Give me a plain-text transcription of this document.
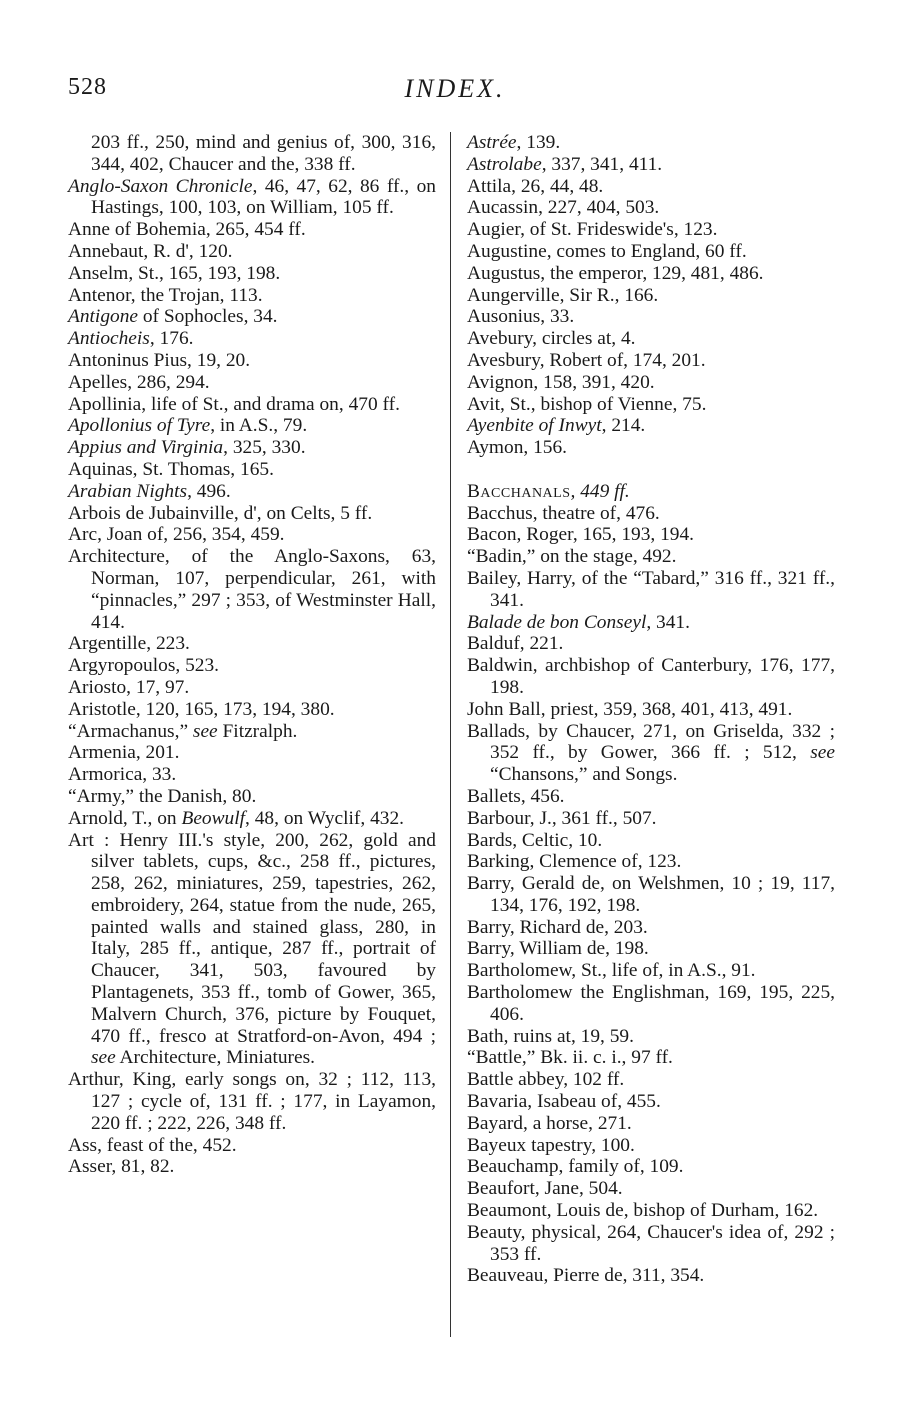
528	INDEX.
203 ff., 250, mind and genius of, 300, 316, 344, 402, Chaucer and the, 338 ff.
Anglo-Saxon Chronicle, 46, 47, 62, 86 ff., on Hastings, 100, 103, on William, 105 ff.
Anne of Bohemia, 265, 454 ff.
Annebaut, R. d', 120.
Anselm, St., 165, 193, 198.
Antenor, the Trojan, 113.
Antigone of Sophocles, 34.
Antiocheis, 176.
Antoninus Pius, 19, 20.
Apelles, 286, 294.
Apollinia, life of St., and drama on, 470 ff.
Apollonius of Tyre, in A.S., 79.
Appius and Virginia, 325, 330.
Aquinas, St. Thomas, 165.
Arabian Nights, 496.
Arbois de Jubainville, d', on Celts, 5 ff.
Arc, Joan of, 256, 354, 459.
Architecture, of the Anglo-Saxons, 63, Norman, 107, perpendicular, 261, with “pinnacles,” 297 ; 353, of Westminster Hall, 414.
Argentille, 223.
Argyropoulos, 523.
Ariosto, 17, 97.
Aristotle, 120, 165, 173, 194, 380.
“Armachanus,” see Fitzralph.
Armenia, 201.
Armorica, 33.
“Army,” the Danish, 80.
Arnold, T., on Beowulf, 48, on Wyclif, 432.
Art : Henry III.'s style, 200, 262, gold and silver tablets, cups, &c., 258 ff., pictures, 258, 262, miniatures, 259, tapestries, 262, embroidery, 264, statue from the nude, 265, painted walls and stained glass, 280, in Italy, 285 ff., antique, 287 ff., portrait of Chaucer, 341, 503, favoured by Plantagenets, 353 ff., tomb of Gower, 365, Malvern Church, 376, picture by Fouquet, 470 ff., fresco at Stratford-on-Avon, 494 ; see Architecture, Miniatures.
Arthur, King, early songs on, 32 ; 112, 113, 127 ; cycle of, 131 ff. ; 177, in Layamon, 220 ff. ; 222, 226, 348 ff.
Ass, feast of the, 452.
Asser, 81, 82.
Astrée, 139.
Astrolabe, 337, 341, 411.
Attila, 26, 44, 48.
Aucassin, 227, 404, 503.
Augier, of St. Frideswide's, 123.
Augustine, comes to England, 60 ff.
Augustus, the emperor, 129, 481, 486.
Aungerville, Sir R., 166.
Ausonius, 33.
Avebury, circles at, 4.
Avesbury, Robert of, 174, 201.
Avignon, 158, 391, 420.
Avit, St., bishop of Vienne, 75.
Ayenbite of Inwyt, 214.
Aymon, 156.
Bacchanals, 449 ff.
Bacchus, theatre of, 476.
Bacon, Roger, 165, 193, 194.
“Badin,” on the stage, 492.
Bailey, Harry, of the “Tabard,” 316 ff., 321 ff., 341.
Balade de bon Conseyl, 341.
Balduf, 221.
Baldwin, archbishop of Canterbury, 176, 177, 198.
John Ball, priest, 359, 368, 401, 413, 491.
Ballads, by Chaucer, 271, on Griselda, 332 ; 352 ff., by Gower, 366 ff. ; 512, see “Chansons,” and Songs.
Ballets, 456.
Barbour, J., 361 ff., 507.
Bards, Celtic, 10.
Barking, Clemence of, 123.
Barry, Gerald de, on Welshmen, 10 ; 19, 117, 134, 176, 192, 198.
Barry, Richard de, 203.
Barry, William de, 198.
Bartholomew, St., life of, in A.S., 91.
Bartholomew the Englishman, 169, 195, 225, 406.
Bath, ruins at, 19, 59.
“Battle,” Bk. ii. c. i., 97 ff.
Battle abbey, 102 ff.
Bavaria, Isabeau of, 455.
Bayard, a horse, 271.
Bayeux tapestry, 100.
Beauchamp, family of, 109.
Beaufort, Jane, 504.
Beaumont, Louis de, bishop of Durham, 162.
Beauty, physical, 264, Chaucer's idea of, 292 ; 353 ff.
Beauveau, Pierre de, 311, 354.
